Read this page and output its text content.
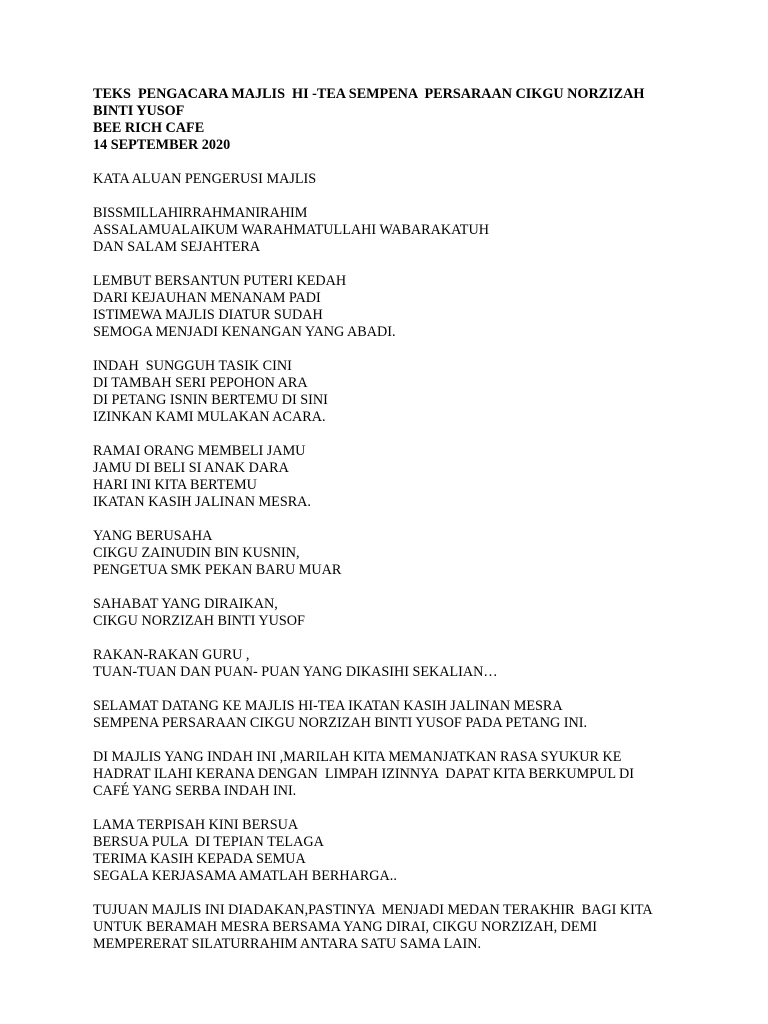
TEKS  PENGACARA MAJLIS  HI -TEA SEMPENA  PERSARAAN CIKGU NORZIZAH
BINTI YUSOF
BEE RICH CAFE
14 SEPTEMBER 2020
KATA ALUAN PENGERUSI MAJLIS
BISSMILLAHIRRAHMANIRAHIM
ASSALAMUALAIKUM WARAHMATULLAHI WABARAKATUH
DAN SALAM SEJAHTERA
LEMBUT BERSANTUN PUTERI KEDAH
DARI KEJAUHAN MENANAM PADI
ISTIMEWA MAJLIS DIATUR SUDAH
SEMOGA MENJADI KENANGAN YANG ABADI.
INDAH  SUNGGUH TASIK CINI
DI TAMBAH SERI PEPOHON ARA
DI PETANG ISNIN BERTEMU DI SINI
IZINKAN KAMI MULAKAN ACARA.
RAMAI ORANG MEMBELI JAMU
JAMU DI BELI SI ANAK DARA
HARI INI KITA BERTEMU
IKATAN KASIH JALINAN MESRA.
YANG BERUSAHA
CIKGU ZAINUDIN BIN KUSNIN,
PENGETUA SMK PEKAN BARU MUAR
SAHABAT YANG DIRAIKAN,
CIKGU NORZIZAH BINTI YUSOF
RAKAN-RAKAN GURU ,
TUAN-TUAN DAN PUAN- PUAN YANG DIKASIHI SEKALIAN…
SELAMAT DATANG KE MAJLIS HI-TEA IKATAN KASIH JALINAN MESRA
SEMPENA PERSARAAN CIKGU NORZIZAH BINTI YUSOF PADA PETANG INI.
DI MAJLIS YANG INDAH INI ,MARILAH KITA MEMANJATKAN RASA SYUKUR KE
HADRAT ILAHI KERANA DENGAN  LIMPAH IZINNYA  DAPAT KITA BERKUMPUL DI
CAFÉ YANG SERBA INDAH INI.
LAMA TERPISAH KINI BERSUA
BERSUA PULA  DI TEPIAN TELAGA
TERIMA KASIH KEPADA SEMUA
SEGALA KERJASAMA AMATLAH BERHARGA..
TUJUAN MAJLIS INI DIADAKAN,PASTINYA  MENJADI MEDAN TERAKHIR  BAGI KITA
UNTUK BERAMAH MESRA BERSAMA YANG DIRAI, CIKGU NORZIZAH, DEMI
MEMPERERAT SILATURRAHIM ANTARA SATU SAMA LAIN.
